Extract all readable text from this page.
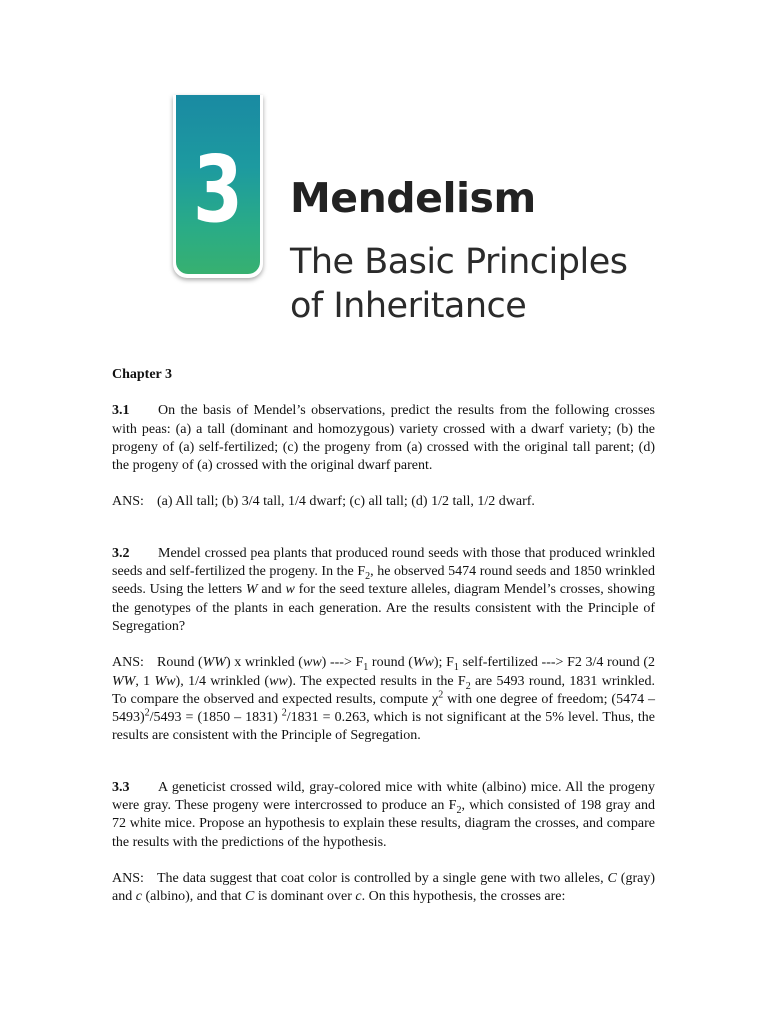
3 Mendelism
The Basic Principles
of Inheritance

Chapter 3

3.1 On the basis of Mendel’s observations, predict the results from the following crosses with peas: (a) a tall (dominant and homozygous) variety crossed with a dwarf variety; (b) the progeny of (a) self-fertilized; (c) the progeny from (a) crossed with the original tall parent; (d) the progeny of (a) crossed with the original dwarf parent.

ANS: (a) All tall; (b) 3/4 tall, 1/4 dwarf; (c) all tall; (d) 1/2 tall, 1/2 dwarf.

3.2 Mendel crossed pea plants that produced round seeds with those that produced wrinkled seeds and self-fertilized the progeny. In the $F_2$, he observed 5474 round seeds and 1850 wrinkled seeds. Using the letters W and w for the seed texture alleles, diagram Mendel’s crosses, showing the genotypes of the plants in each generation. Are the results consistent with the Principle of Segregation?

ANS: Round (WW) x wrinkled (ww) ---> $F_1$ round (Ww); $F_1$ self-fertilized ---> F2 3/4 round (2 WW, 1 Ww), 1/4 wrinkled (ww). The expected results in the $F_2$ are 5493 round, 1831 wrinkled. To compare the observed and expected results, compute $\chi^2$ with one degree of freedom; (5474 – 5493)$^2$/5493 = (1850 – 1831) $^2$/1831 = 0.263, which is not significant at the 5% level. Thus, the results are consistent with the Principle of Segregation.

3.3 A geneticist crossed wild, gray-colored mice with white (albino) mice. All the progeny were gray. These progeny were intercrossed to produce an $F_2$, which consisted of 198 gray and 72 white mice. Propose an hypothesis to explain these results, diagram the crosses, and compare the results with the predictions of the hypothesis.

ANS: The data suggest that coat color is controlled by a single gene with two alleles, C (gray) and c (albino), and that C is dominant over c. On this hypothesis, the crosses are:
